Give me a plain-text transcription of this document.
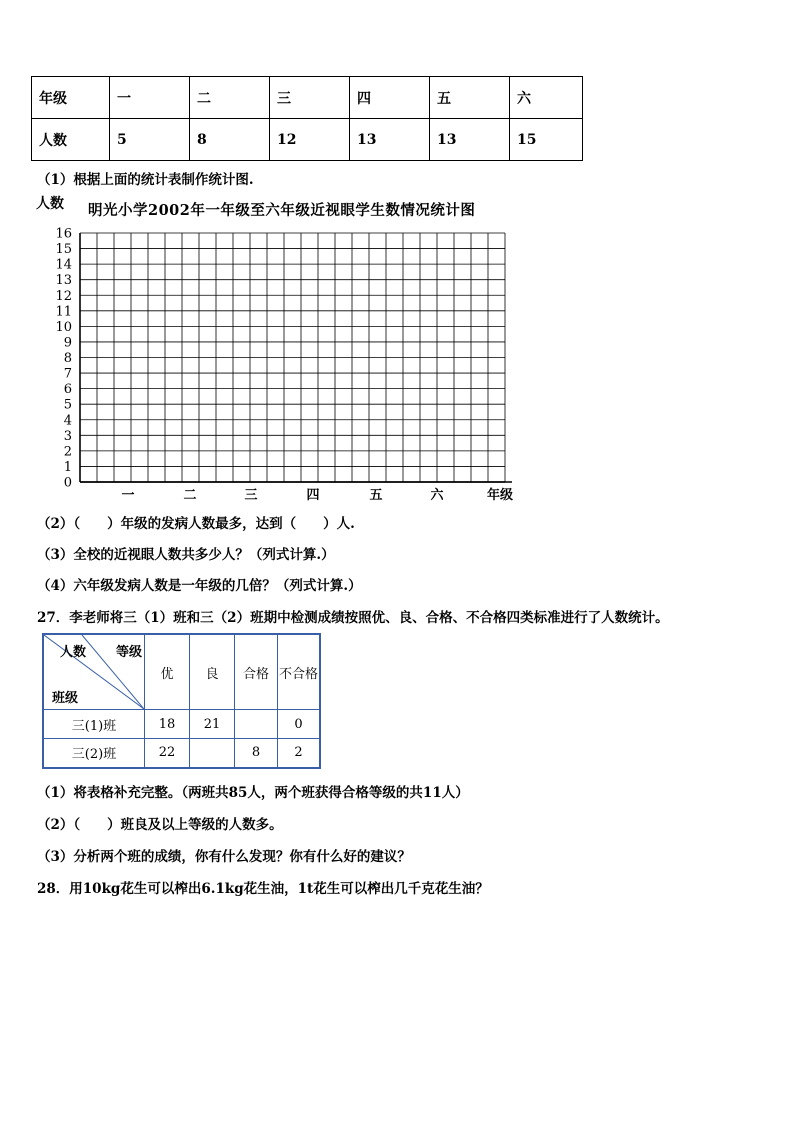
年级	一	二	三	四	五	六
人数	5	8	12	13	13	15
（1）根据上面的统计表制作统计图.
人数 明光小学2002年一年级至六年级近视眼学生数情况统计图
0
1
2
3
4
5
6
7
8
9
10
11
12
13
14
15
16
一	二	三	四	五	六	年级
（2）（　　）年级的发病人数最多，达到（　　）人.
（3）全校的近视眼人数共多少人？（列式计算.）
（4）六年级发病人数是一年级的几倍？（列式计算.）
27．李老师将三（1）班和三（2）班期中检测成绩按照优、良、合格、不合格四类标准进行了人数统计。
人数 等级
班级	优	良	合格	不合格
三(1)班	18	21		0
三(2)班	22		8	2
（1）将表格补充完整。（两班共85人，两个班获得合格等级的共11人）
（2）（　　）班良及以上等级的人数多。
（3）分析两个班的成绩，你有什么发现？你有什么好的建议？
28．用10kg花生可以榨出6.1kg花生油，1t花生可以榨出几千克花生油？
